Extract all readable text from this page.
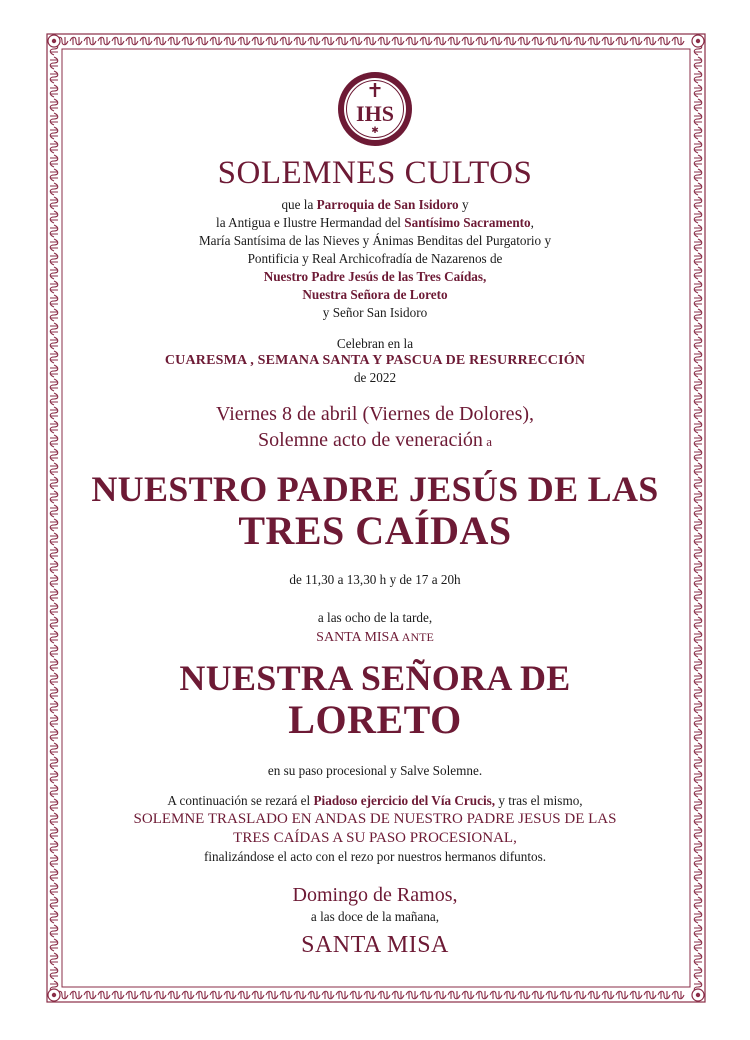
IHS
✱
SOLEMNES CULTOS
que la Parroquia de San Isidoro y
la Antigua e Ilustre Hermandad del Santísimo Sacramento,
María Santísima de las Nieves y Ánimas Benditas del Purgatorio y
Pontificia y Real Archicofradía de Nazarenos de
Nuestro Padre Jesús de las Tres Caídas,
Nuestra Señora de Loreto
y Señor San Isidoro
Celebran en la
CUARESMA , SEMANA SANTA Y PASCUA DE RESURRECCIÓN
de 2022
Viernes 8 de abril (Viernes de Dolores),
Solemne acto de veneración a
NUESTRO PADRE JESÚS DE LAS
TRES CAÍDAS
de 11,30 a 13,30 h y de 17 a 20h
a las ocho de la tarde,
SANTA MISA ANTE
NUESTRA SEÑORA DE
LORETO
en su paso procesional y Salve Solemne.
A continuación se rezará el Piadoso ejercicio del Vía Crucis, y tras el mismo,
SOLEMNE TRASLADO EN ANDAS DE NUESTRO PADRE JESUS DE LAS
TRES CAÍDAS A SU PASO PROCESIONAL,
finalizándose el acto con el rezo por nuestros hermanos difuntos.
Domingo de Ramos,
a las doce de la mañana,
SANTA MISA
